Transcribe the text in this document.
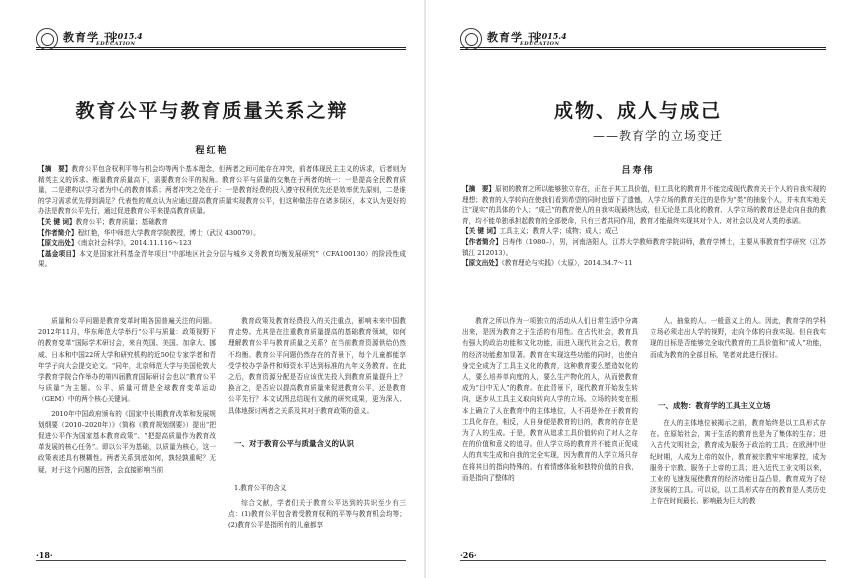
教育学 刊
2015.4
EDUCATION
教育公平与教育质量关系之辩
程红艳

【摘　要】教育公平包含权利平等与机会均等两个基本理念，但两者之间可能存在冲突，前者体现民主主义的诉求，后者则为精英主义的诉求。衡量教育质量高下，需要教育公平的视角。教育公平与质量的交集在于两者的统一：一是提高全民教育质量，二是建构以学习者为中心的教育体系；两者冲突之处在于：一是教育经费的投入遵守权利优先还是效率优先原则，二是谁的学习需求优先得到满足？代表性的观点认为应通过提高教育质量实现教育公平，但这种做法存在诸多误区，本文认为更好的办法是教育公平先行，通过促进教育公平来提高教育质量。

【关 键 词】教育公平；教育质量；基础教育

【作者简介】程红艳，华中师范大学教育学院教授，博士（武汉 430079）。

【原文出处】《南京社会科学》，2014.11.116～123

【基金项目】本文是国家社科基金青年项目“中部地区社会分层与城乡义务教育均衡发展研究”（CFA100130）的阶段性成果。

质量和公平问题是教育变革时期各国普遍关注的问题。2012年11月，华东师范大学举行“公平与质量：政策视野下的教育变革”国际学术研讨会，来自英国、美国、加拿大、挪威、日本和中国22所大学和研究机构的近50位专家学者和青年学子向大会提交论文。“同年，北京师范大学与美国伦敦大学教育学院合作举办的第四届教育国际研讨会也以“教育公平与质量”为主题。公平、质量可谓是全球教育变革运动（GEM）中的两个核心关键词。

2010年中国政府颁布的《国家中长期教育改革和发展规划纲要（2010–2020年）》（简称《教育规划纲要》）提出“把促进公平作为国家基本教育政策”、“把提高质量作为教育改革发展的核心任务”。即以公平为基础，以质量为核心，这一政策表述具有模糊性。两者关系到底如何，孰轻孰重呢？无疑，对于这个问题的回答，会直接影响当前

教育政策及教育经费投入的关注重点，影响未来中国教育走势。尤其是在注重教育质量提高的基础教育领域，如何理解教育公平与教育质量之关系？在当前教育资源供给仍然不均衡、教育公平问题仍然存在的背景下，每个儿童都能享受学校办学条件和师资水平达到标准的九年义务教育。在此之后，教育资源分配是否应该优先投入到教育质量提升上？换言之，是否应以提高教育质量来促进教育公平，还是教育公平先行？本文试图总结现有文献的研究成果，更为深入、具体地探讨两者之关系及其对于教育政策的意义。

一、对于教育公平与质量含义的认识
1.教育公平的含义

综合文献，学者们关于教育公平达到的共识至少有三点：(1)教育公平包含着受教育权利的平等与教育机会均等；(2)教育公平是指所有的儿童都享

·18·
教育学 刊
2015.4
EDUCATION
成物、成人与成己
——教育学的立场变迁
吕寿伟

【摘　要】原初的教育之所以能够独立存在，正在于其工具价值，但工具化的教育并不能完成现代教育关于个人的自我实现的理想；教育的人学转向在使我们看到希望的同时也留下了遗憾，人学立场的教育关注的是作为“类”的抽象个人，并未真实地关注“现实”的具体的个人；“成己”的教育使人的自我实现最终达成，但无论是工具化的教育、人学立场的教育还是走向自我的教育，均不能单独承担起教育的全部使命，只有三者共同作用，教育才能最终实现其对个人、对社会以及对人类的承诺。

【关 键 词】工具主义；教育人学；成物；成人；成己

【作者简介】吕寿伟（1980–），男，河南洛阳人，江苏大学教师教育学院讲师，教育学博士，主要从事教育哲学研究（江苏 镇江 212013）。

【原文出处】《教育理论与实践》（太原），2014.34.7～11

教育之所以作为一项独立的活动从人们日常生活中分离出来，是因为教育之于生活的有用性。在古代社会，教育具有强大的政治功能和文化功能，而进入现代社会之后，教育的经济功能愈加显著。教育在实现这些功能的同时，也使自身完全成为了工具主义化的教育，这种教育要么塑造奴化的人，要么培养单向度的人，要么生产物化的人，从而使教育成为“目中无人”的教育。在此背景下，现代教育开始发生转向，逐步从工具主义取向转向人学的立场。立场的转变在根本上确立了人在教育中的主体地位，人不再是外在于教育的工具化存在，相反，人自身便是教育的目的，教育的存在是为了人的生成。于是，教育从追求工具价值转向了对人之存在的价值和意义的追寻。但人学立场的教育并不能真正促成人的真实生成和自我的完全实现，因为教育的人学立场只存在将其目的指向特殊的、有着情感体验和独特价值的自我，而是指向了整体的

人、抽象的人、一般意义上的人。因此，教育学的学科立场必须走出人学的视野，走向个体的自我实现。但自我实现的目标是否能够完全取代教育的工具价值和“成人”功能，而成为教育的全部目标，笔者对此进行探讨。

一、成物：教育学的工具主义立场

在人的主体地位被揭示之前，教育始终是以工具形式存在。在原始社会，寓于生活的教育也是为了集体的生存；进入古代文明社会，教育成为服务于政治的工具；在欧洲中世纪时期，人成为上帝的奴仆，教育被宗教牢牢地掌控，成为服务于宗教、服务于上帝的工具；进入近代工业文明以来，工业的飞速发展使教育的经济功能日益凸显，教育成为了经济发展的工具。可以说，以工具形式存在的教育是人类历史上存在时间最长、影响最为巨大的教

·26·
